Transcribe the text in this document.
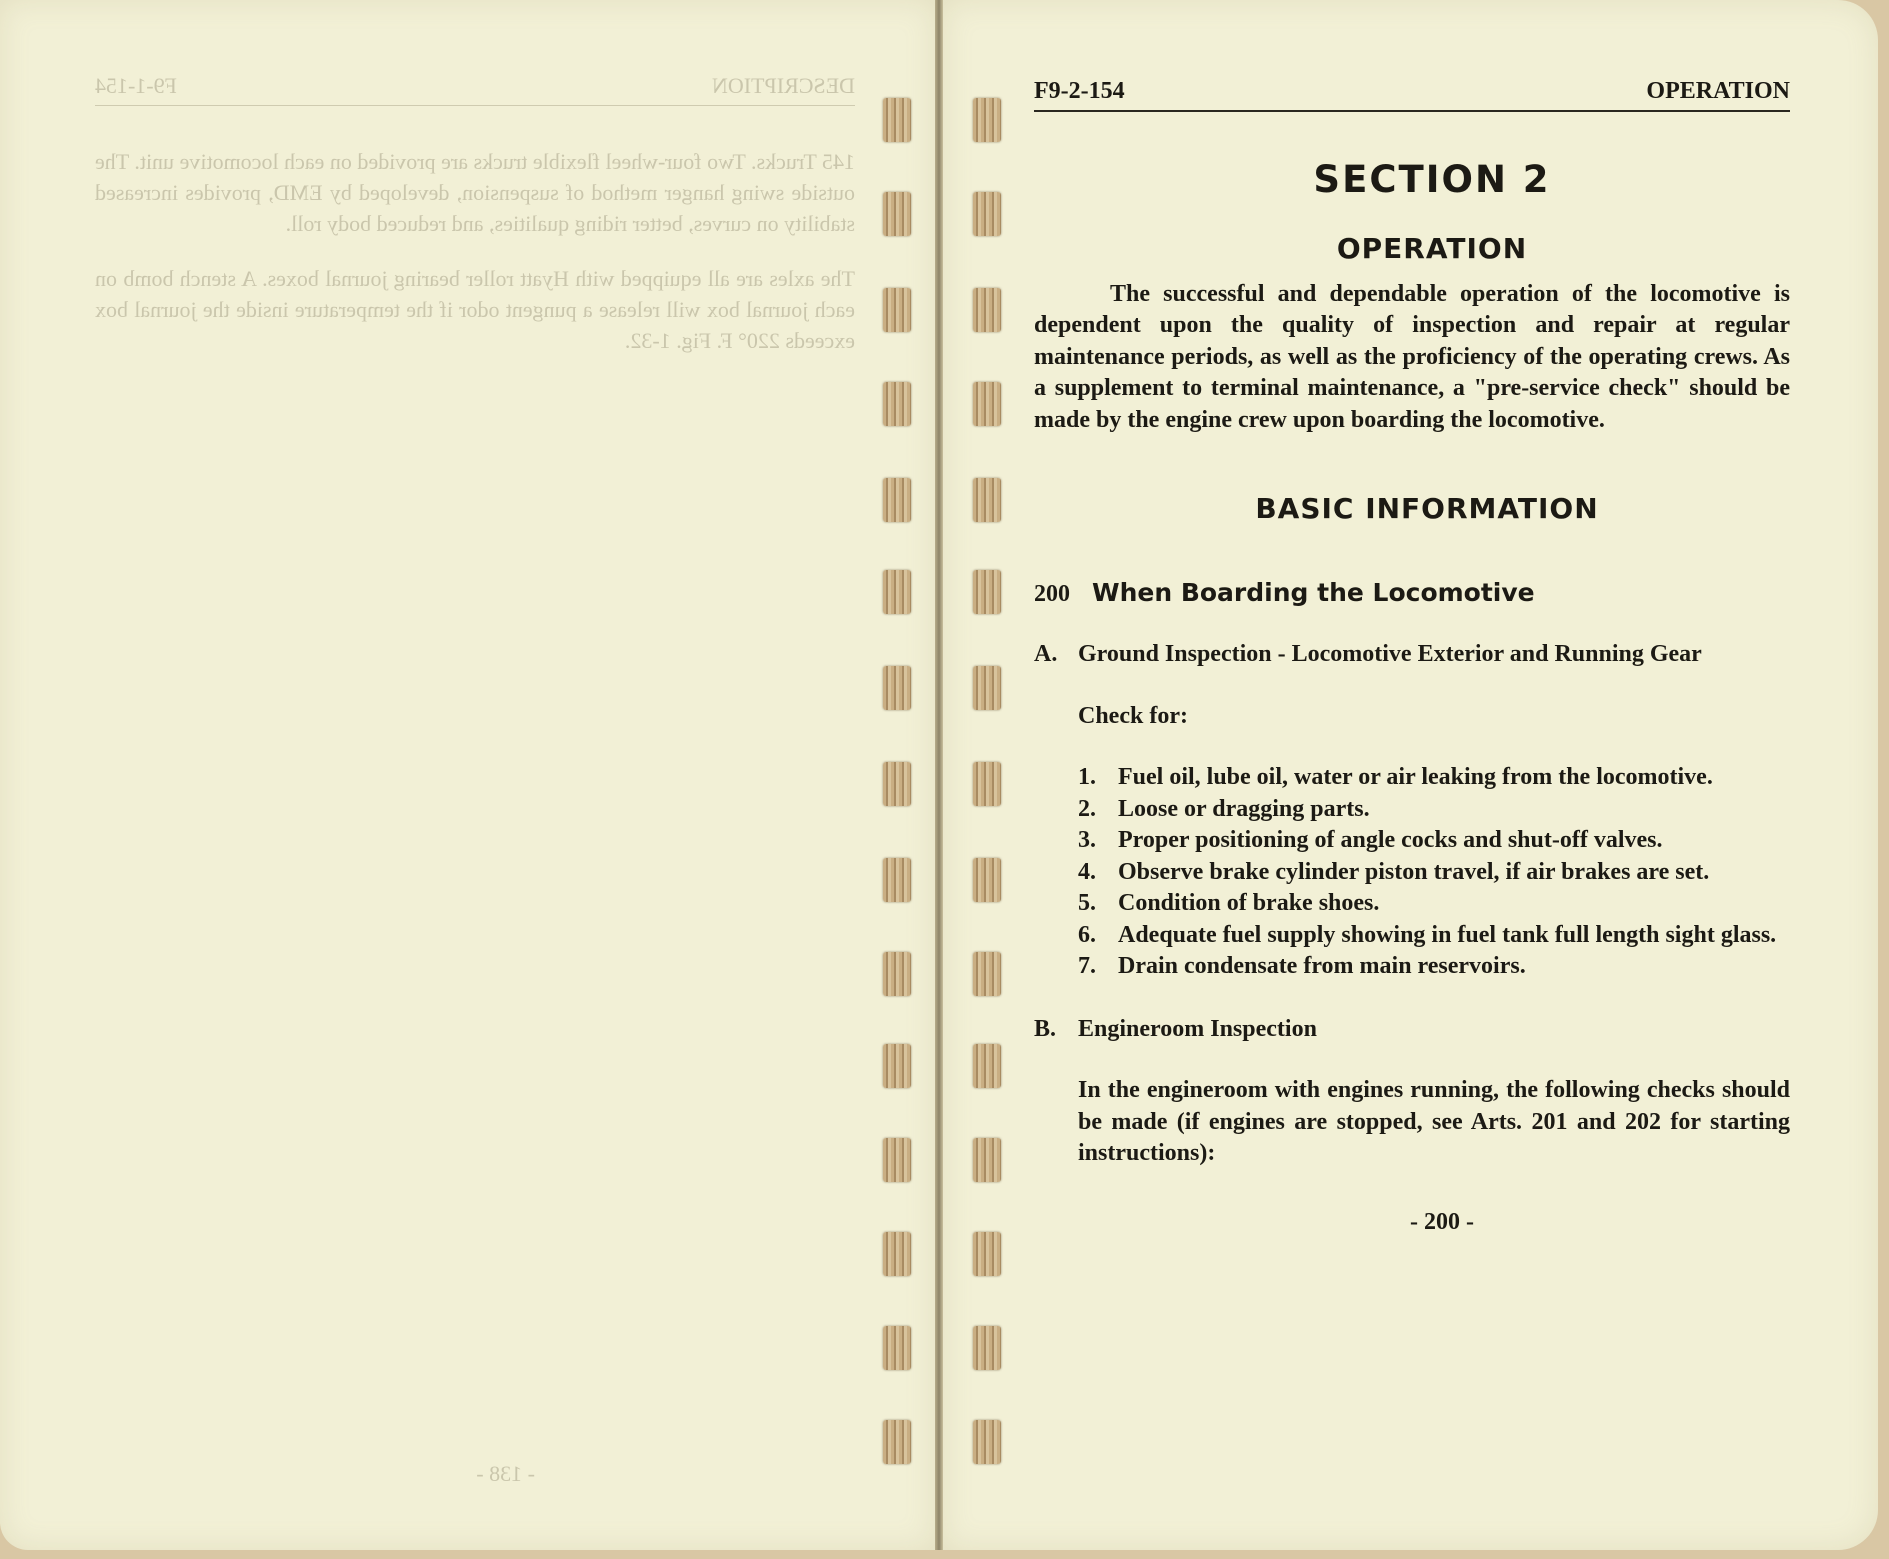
DESCRIPTION
F9-1-154

145 Trucks. Two four-wheel flexible trucks are provided on each locomotive unit. The outside swing hanger method of suspension, developed by EMD, provides increased stability on curves, better riding qualities, and reduced body roll.

The axles are all equipped with Hyatt roller bearing journal boxes. A stench bomb on each journal box will release a pungent odor if the temperature inside the journal box exceeds 220° F. Fig. 1-32.

- 138 -
F9-2-154	OPERATION
SECTION 2
OPERATION

The successful and dependable operation of the locomotive is dependent upon the quality of inspection and repair at regular maintenance periods, as well as the proficiency of the operating crews. As a supplement to terminal maintenance, a "pre-service check" should be made by the engine crew upon boarding the locomotive.

BASIC INFORMATION
200 When Boarding the Locomotive
A. Ground Inspection - Locomotive Exterior and Running Gear
Check for:
1. Fuel oil, lube oil, water or air leaking from the locomotive.
2. Loose or dragging parts.
3. Proper positioning of angle cocks and shut-off valves.
4. Observe brake cylinder piston travel, if air brakes are set.
5. Condition of brake shoes.
6. Adequate fuel supply showing in fuel tank full length sight glass.
7. Drain condensate from main reservoirs.
B. Engineroom Inspection

In the engineroom with engines running, the following checks should be made (if engines are stopped, see Arts. 201 and 202 for starting instructions):

- 200 -
